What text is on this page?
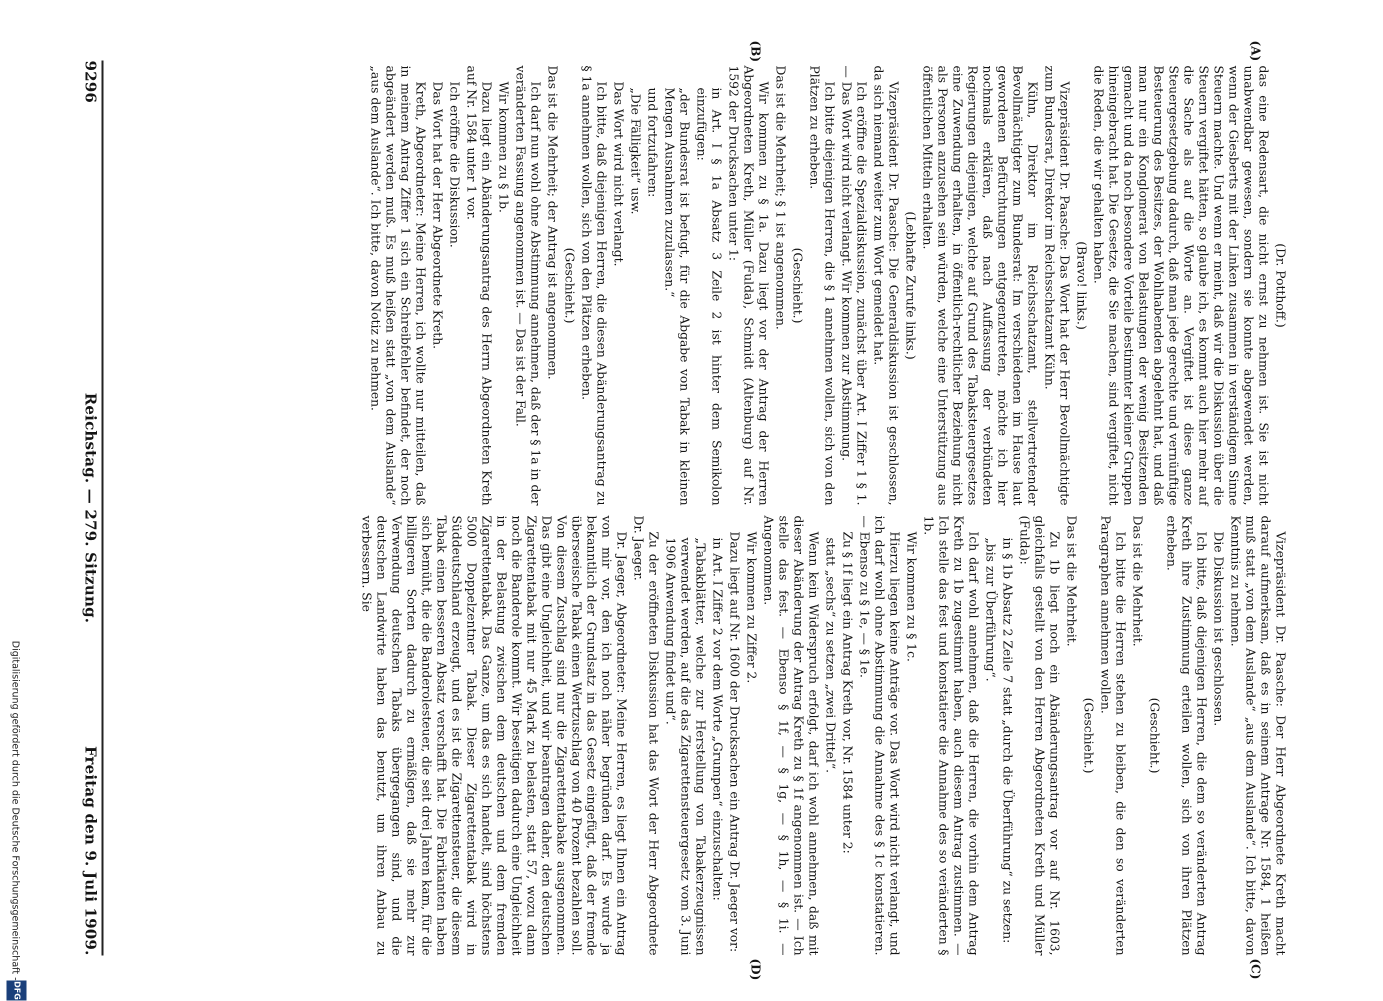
(Dr. Potthoff.)

das eine Redensart, die nicht ernst zu nehmen ist. Sie ist nicht unabwendbar gewesen, sondern sie konnte abgewendet werden, wenn der Giesberts mit der Linken zusammen in verständigem Sinne Steuern machte. Und wenn er meint, daß wir die Diskussion über die Steuern vergiftet hätten, so glaube ich, es kommt auch hier mehr auf die Sache als auf die Worte an. Vergiftet ist diese ganze Steuergesetzgebung dadurch, daß man jede gerechte und vernünftige Besteuerung des Besitzes, der Wohlhabenden abgelehnt hat, und daß man nur ein Konglomerat von Belastungen der wenig Besitzenden gemacht und da noch besondere Vorteile bestimmter kleiner Gruppen hineingebracht hat. Die Gesetze, die Sie machen, sind vergiftet, nicht die Reden, die wir gehalten haben.

(Bravo! links.)

Vizepräsident Dr. Paasche: Das Wort hat der Herr Bevollmächtigte zum Bundesrat, Direktor im Reichsschatzamt Kühn.

Kühn, Direktor im Reichsschatzamt, stellvertretender Bevollmächtigter zum Bundesrat: Im verschiedenen im Hause laut gewordenen Befürchtungen entgegenzutreten, möchte ich hier nochmals erklären, daß nach Auffassung der verbündeten Regierungen diejenigen, welche auf Grund des Tabaksteuergesetzes eine Zuwendung erhalten, in öffentlich-rechtlicher Beziehung nicht als Personen anzusehen sein würden, welche eine Unterstützung aus öffentlichen Mitteln erhalten.

(Lebhafte Zurufe links.)

Vizepräsident Dr. Paasche: Die Generaldiskussion ist geschlossen, da sich niemand weiter zum Wort gemeldet hat.

Ich eröffne die Spezialdiskussion, zunächst über Art. I Ziffer 1 § 1. — Das Wort wird nicht verlangt. Wir kommen zur Abstimmung.

Ich bitte diejenigen Herren, die § 1 annehmen wollen, sich von den Plätzen zu erheben.

(Geschieht.)

Das ist die Mehrheit; § 1 ist angenommen.

Wir kommen zu § 1a. Dazu liegt vor der Antrag der Herren Abgeordneten Kreth, Müller (Fulda), Schmidt (Altenburg) auf Nr. 1592 der Drucksachen unter 1:

in Art. I § 1a Absatz 3 Zeile 2 ist hinter dem Semikolon einzufügen:

„der Bundesrat ist befugt, für die Abgabe von Tabak in kleinen Mengen Ausnahmen zuzulassen.“

und fortzufahren:

„Die Fälligkeit“ usw.

Das Wort wird nicht verlangt.

Ich bitte, daß diejenigen Herren, die diesen Abänderungsantrag zu § 1a annehmen wollen, sich von den Plätzen erheben.

(Geschieht.)

Das ist die Mehrheit; der Antrag ist angenommen.

Ich darf nun wohl ohne Abstimmung annehmen, daß der § 1a in der veränderten Fassung angenommen ist. — Das ist der Fall.

Wir kommen zu § 1b.

Dazu liegt ein Abänderungsantrag des Herrn Abgeordneten Kreth auf Nr. 1584 unter 1 vor.

Ich eröffne die Diskussion.

Das Wort hat der Herr Abgeordnete Kreth.

Kreth, Abgeordneter: Meine Herren, ich wollte nur mitteilen, daß in meinem Antrag Ziffer 1 sich ein Schreibfehler befindet, der noch abgeändert werden muß. Es muß heißen statt „von dem Auslande“ „aus dem Auslande“. Ich bitte, davon Notiz zu nehmen.

Vizepräsident Dr. Paasche: Der Herr Abgeordnete Kreth macht darauf aufmerksam, daß es in seinem Antrage Nr. 1584, 1 heißen muß statt „von dem Auslande“ „aus dem Auslande“. Ich bitte, davon Kenntnis zu nehmen.

Die Diskussion ist geschlossen.

Ich bitte, daß diejenigen Herren, die dem so veränderten Antrag Kreth ihre Zustimmung erteilen wollen, sich von ihren Plätzen erheben.

(Geschieht.)

Das ist die Mehrheit.

Ich bitte die Herren stehen zu bleiben, die den so veränderten Paragraphen annehmen wollen.

(Geschieht.)

Das ist die Mehrheit.

Zu 1b liegt noch ein Abänderungsantrag vor auf Nr. 1603, gleichfalls gestellt von den Herren Abgeordneten Kreth und Müller (Fulda):

in § 1b Absatz 2 Zeile 7 statt „durch die Überführung“ zu setzen:

„bis zur Überführung“.

Ich darf wohl annehmen, daß die Herren, die vorhin dem Antrag Kreth zu 1b zugestimmt haben, auch diesem Antrag zustimmen. — Ich stelle das fest und konstatiere die Annahme des so veränderten § 1b.

Wir kommen zu § 1c.

Hierzu liegen keine Anträge vor. Das Wort wird nicht verlangt, und ich darf wohl ohne Abstimmung die Annahme des § 1c konstatieren. — Ebenso zu § 1e, — § 1e.

Zu § 1f liegt ein Antrag Kreth vor, Nr. 1584 unter 2:

statt „sechs“ zu setzen „zwei Drittel“.

Wenn kein Widerspruch erfolgt, darf ich wohl annehmen, daß mit dieser Abänderung der Antrag Kreth zu § 1f angenommen ist. — Ich stelle das fest. — Ebenso § 1f, — § 1g, — § 1h, — § 1i. — Angenommen.

Wir kommen zu Ziffer 2.

Dazu liegt auf Nr. 1600 der Drucksachen ein Antrag Dr. Jaeger vor:

in Art. I Ziffer 2 vor dem Worte „Grumpen“ einzuschalten:

„Tabakblätter, welche zur Herstellung von Tabakerzeugnissen verwendet werden, auf die das Zigarettensteuergesetz vom 3. Juni 1906 Anwendung findet und“.

Zu der eröffneten Diskussion hat das Wort der Herr Abgeordnete Dr. Jaeger.

Dr. Jaeger, Abgeordneter: Meine Herren, es liegt Ihnen ein Antrag von mir vor, den ich noch näher begründen darf. Es wurde ja bekanntlich der Grundsatz in das Gesetz eingefügt, daß der fremde überseeische Tabak einen Wertzuschlag von 40 Prozent bezahlen soll. Von diesem Zuschlag sind nur die Zigarettentabake ausgenommen. Das gibt eine Ungleichheit, und wir beantragen daher, den deutschen Zigarettentabak mit nur 45 Mark zu belasten, statt 57, wozu dann noch die Banderole kommt. Wir beseitigen dadurch eine Ungleichheit in der Belastung zwischen dem deutschen und dem fremden Zigarettentabak. Das Ganze, um das es sich handelt, sind höchstens 5000 Doppelzentner Tabak. Dieser Zigarettentabak wird in Süddeutschland erzeugt, und es ist die Zigarettensteuer, die diesem Tabak einen besseren Absatz verschafft hat. Die Fabrikanten haben sich bemüht, die die Banderolesteuer, die seit drei Jahren kam, für die billigeren Sorten dadurch zu ermäßigen, daß sie mehr zur Verwendung deutschen Tabaks übergegangen sind, und die deutschen Landwirte haben das benutzt, um ihren Anbau zu verbessern. Sie

(A)
(B)
(C)
(D)
9296
Reichstag. — 279. Sitzung.
Freitag den 9. Juli 1909.
Digitalisierung gefördert durch die Deutsche Forschungsgemeinschaft -
DFG
